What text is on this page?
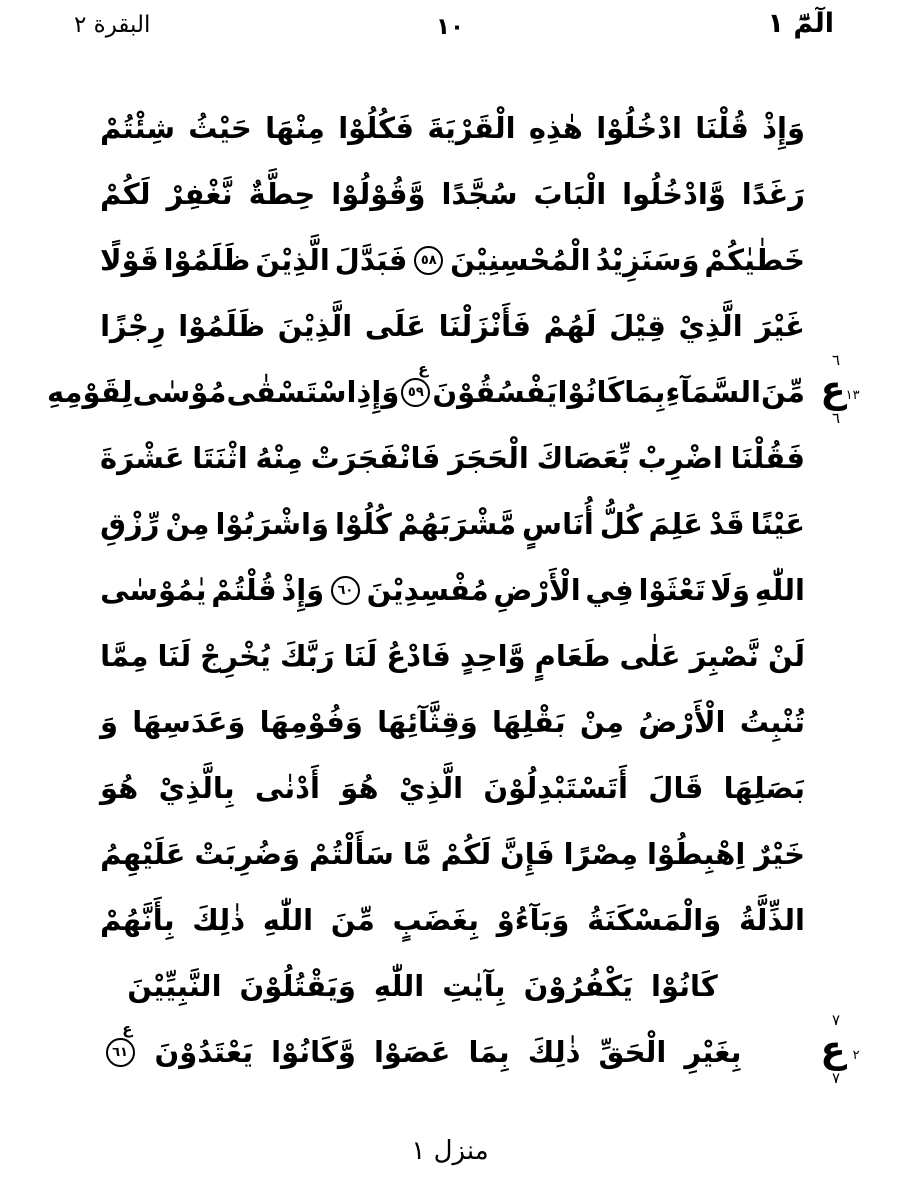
الٓمّٓ ١
١٠
البقرة ٢
وَإِذْ
قُلْنَا
ادْخُلُوْا
هٰذِهِ
الْقَرْيَةَ
فَكُلُوْا
مِنْهَا
حَيْثُ
شِئْتُمْ
رَغَدًا
وَّادْخُلُوا
الْبَابَ
سُجَّدًا
وَّقُوْلُوْا
حِطَّةٌ
نَّغْفِرْ
لَكُمْ
خَطٰيٰكُمْ
وَسَنَزِيْدُ
الْمُحْسِنِيْنَ
٥٨
فَبَدَّلَ
الَّذِيْنَ
ظَلَمُوْا
قَوْلًا
غَيْرَ
الَّذِيْ
قِيْلَ
لَهُمْ
فَأَنْزَلْنَا
عَلَى
الَّذِيْنَ
ظَلَمُوْا
رِجْزًا
مِّنَ
السَّمَآءِ
بِمَا
كَانُوْا
يَفْسُقُوْنَ
٥٩
ع
وَإِذِ
اسْتَسْقٰى
مُوْسٰى
لِقَوْمِهِ
فَقُلْنَا
اضْرِبْ
بِّعَصَاكَ
الْحَجَرَ
فَانْفَجَرَتْ
مِنْهُ
اثْنَتَا
عَشْرَةَ
عَيْنًا
قَدْ
عَلِمَ
كُلُّ
أُنَاسٍ
مَّشْرَبَهُمْ
كُلُوْا
وَاشْرَبُوْا
مِنْ
رِّزْقِ
اللّٰهِ
وَلَا
تَعْثَوْا
فِي
الْأَرْضِ
مُفْسِدِيْنَ
٦٠
وَإِذْ
قُلْتُمْ
يٰمُوْسٰى
لَنْ
نَّصْبِرَ
عَلٰى
طَعَامٍ
وَّاحِدٍ
فَادْعُ
لَنَا
رَبَّكَ
يُخْرِجْ
لَنَا
مِمَّا
تُنْبِتُ
الْأَرْضُ
مِنْ
بَقْلِهَا
وَقِثَّآئِهَا
وَفُوْمِهَا
وَعَدَسِهَا
وَ
بَصَلِهَا
قَالَ
أَتَسْتَبْدِلُوْنَ
الَّذِيْ
هُوَ
أَدْنٰى
بِالَّذِيْ
هُوَ
خَيْرٌ
اِهْبِطُوْا
مِصْرًا
فَإِنَّ
لَكُمْ
مَّا
سَأَلْتُمْ
وَضُرِبَتْ
عَلَيْهِمُ
الذِّلَّةُ
وَالْمَسْكَنَةُ
وَبَآءُوْ
بِغَضَبٍ
مِّنَ
اللّٰهِ
ذٰلِكَ
بِأَنَّهُمْ
كَانُوْا
يَكْفُرُوْنَ
بِآيٰتِ
اللّٰهِ
وَيَقْتُلُوْنَ
النَّبِيِّيْنَ
بِغَيْرِ
الْحَقِّ
ذٰلِكَ
بِمَا
عَصَوْا
وَّكَانُوْا
يَعْتَدُوْنَ
٦١
ع
منزل ١
٦
ع ١٣
٦
٧
ع ٢
٧
